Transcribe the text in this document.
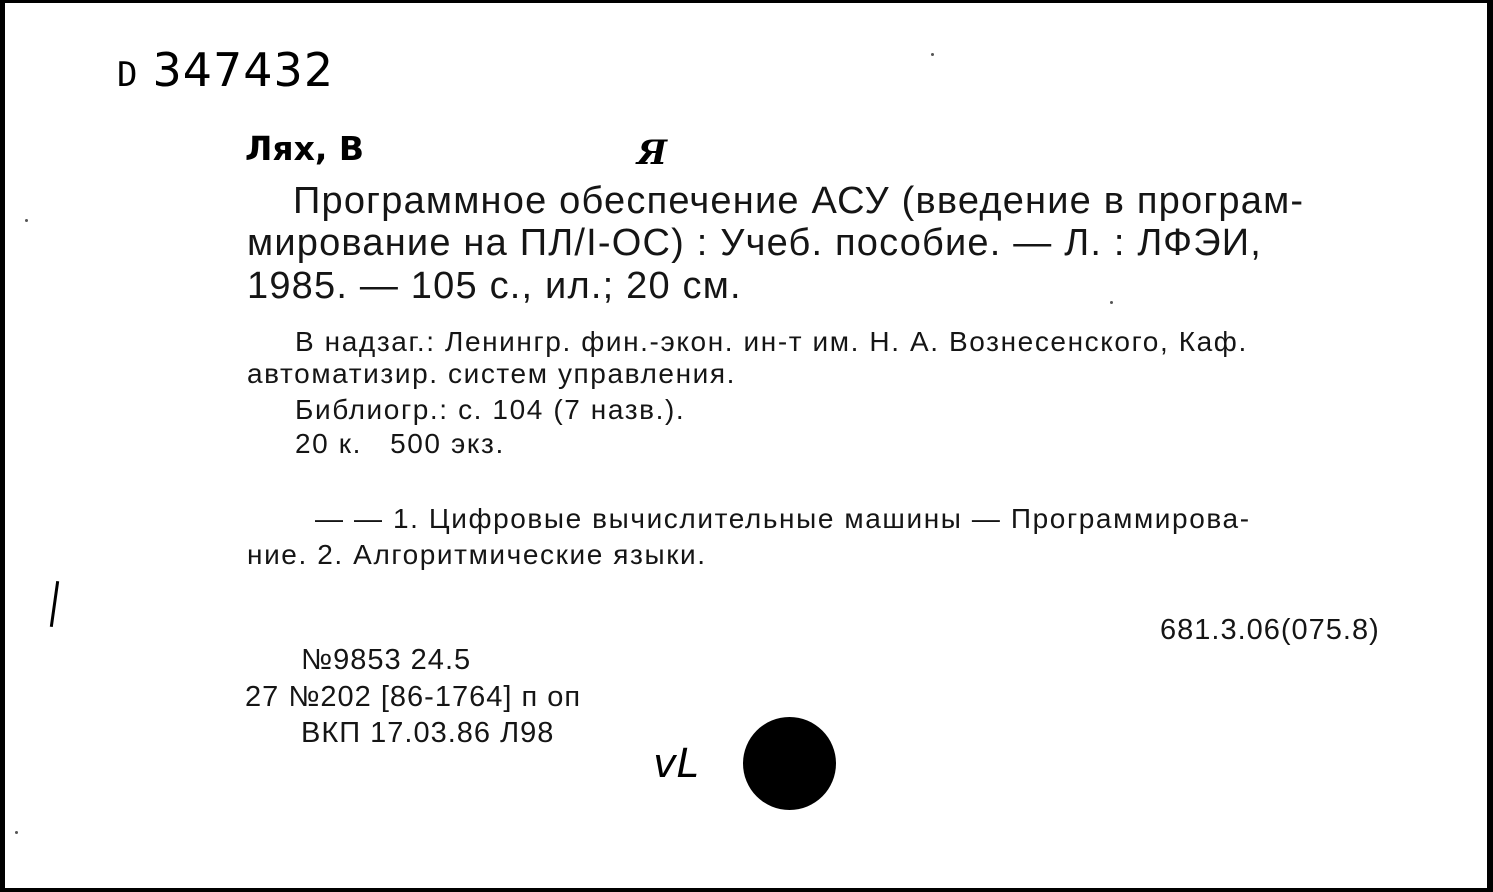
D 347432
Лях, В	Я
Программное обеспечение АСУ (введение в програм-
мирование на ПЛ/I-ОС) : Учеб. пособие. — Л. : ЛФЭИ,
1985. — 105 с., ил.; 20 см.
В надзаг.: Ленингр. фин.-экон. ин-т им. Н. А. Вознесенского, Каф.
автоматизир. систем управления.
Библиогр.: с. 104 (7 назв.).
20 к.   500 экз.
— — 1. Цифровые вычислительные машины — Программирова-
ние. 2. Алгоритмические языки.
681.3.06(075.8)
№9853 24.5
27 №202 [86-1764] п оп
ВКП 17.03.86 Л98
vL
